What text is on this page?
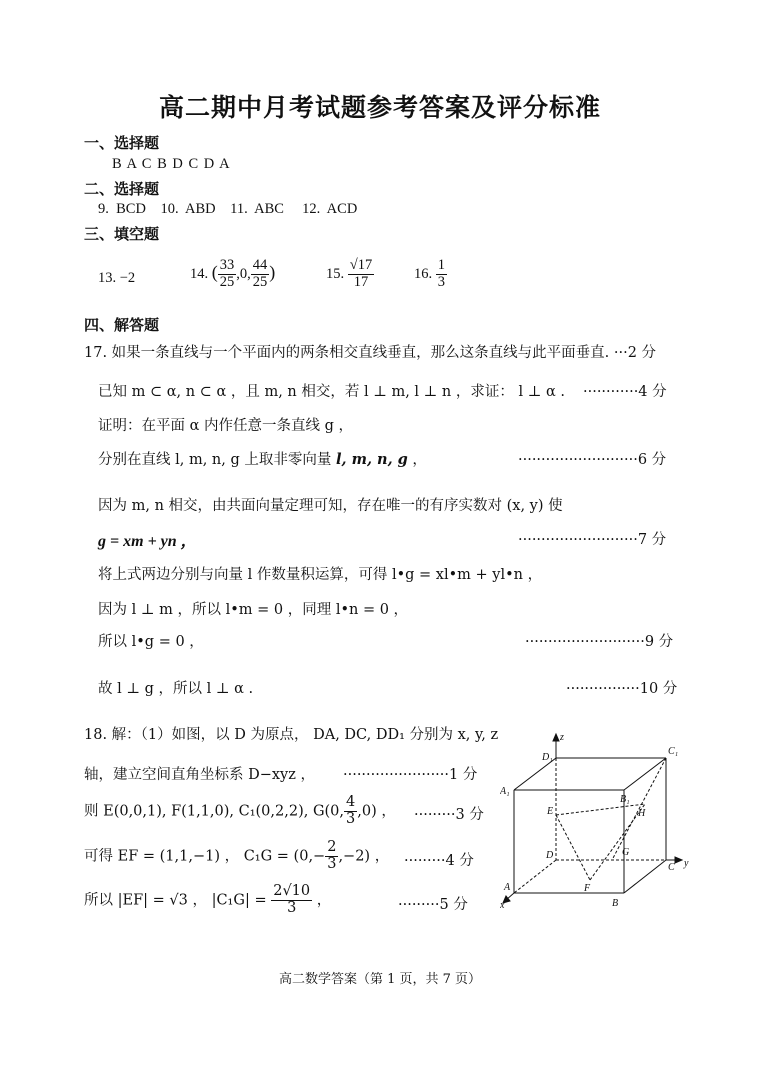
高二期中月考试题参考答案及评分标准
一、选择题
B A C B D C D A
二、选择题
9.  BCD    10.  ABD    11.  ABC     12.  ACD
三、填空题
13. −2	14. ( $\frac{33}{25} ,0$, $\frac{44}{25}$ )	15. $\frac{√17}{17}$	16. $\frac{1}{3}$
四、解答题
17. 如果一条直线与一个平面内的两条相交直线垂直，那么这条直线与此平面垂直. ···2 分
已知 m ⊂ α, n ⊂ α ，且 m, n 相交，若 l ⊥ m, l ⊥ n ，求证： l ⊥ α . ············4 分
证明：在平面 α 内作任意一条直线 g ，
分别在直线 l, m, n, g 上取非零向量 l, m, n, g ，	··························6 分
因为 m, n 相交，由共面向量定理可知，存在唯一的有序实数对 (x, y) 使
g = xm + yn ，	··························7 分
将上式两边分别与向量 l 作数量积运算，可得 l•g = xl•m + yl•n ，
因为 l ⊥ m ，所以 l•m = 0 ，同理 l•n = 0 ，
所以 l•g = 0 ，	··························9 分
故 l ⊥ g ，所以 l ⊥ α .	················10 分
18. 解：（1）如图，以 D 为原点， DA, DC, DD₁ 分别为 x, y, z
轴，建立空间直角坐标系 D−xyz ， ·······················1 分
则 E(0,0,1), F(1,1,0), C₁(0,2,2), G(0, $\frac{4}{3} ,0$) ， ·········3 分
可得 EF = (1,1,−1) ， $C_1G = (0,- \frac{2}{3} ,-2)$ ， ·········4 分
所以 |EF| = √3 ， $|C_1G| = \frac{2√10}{3}$ ，	·········5 分
z
D₁
C₁
A₁
B₁
E	H
D	G
C y
A	F
B
x
高二数学答案（第 1 页，共 7 页）
